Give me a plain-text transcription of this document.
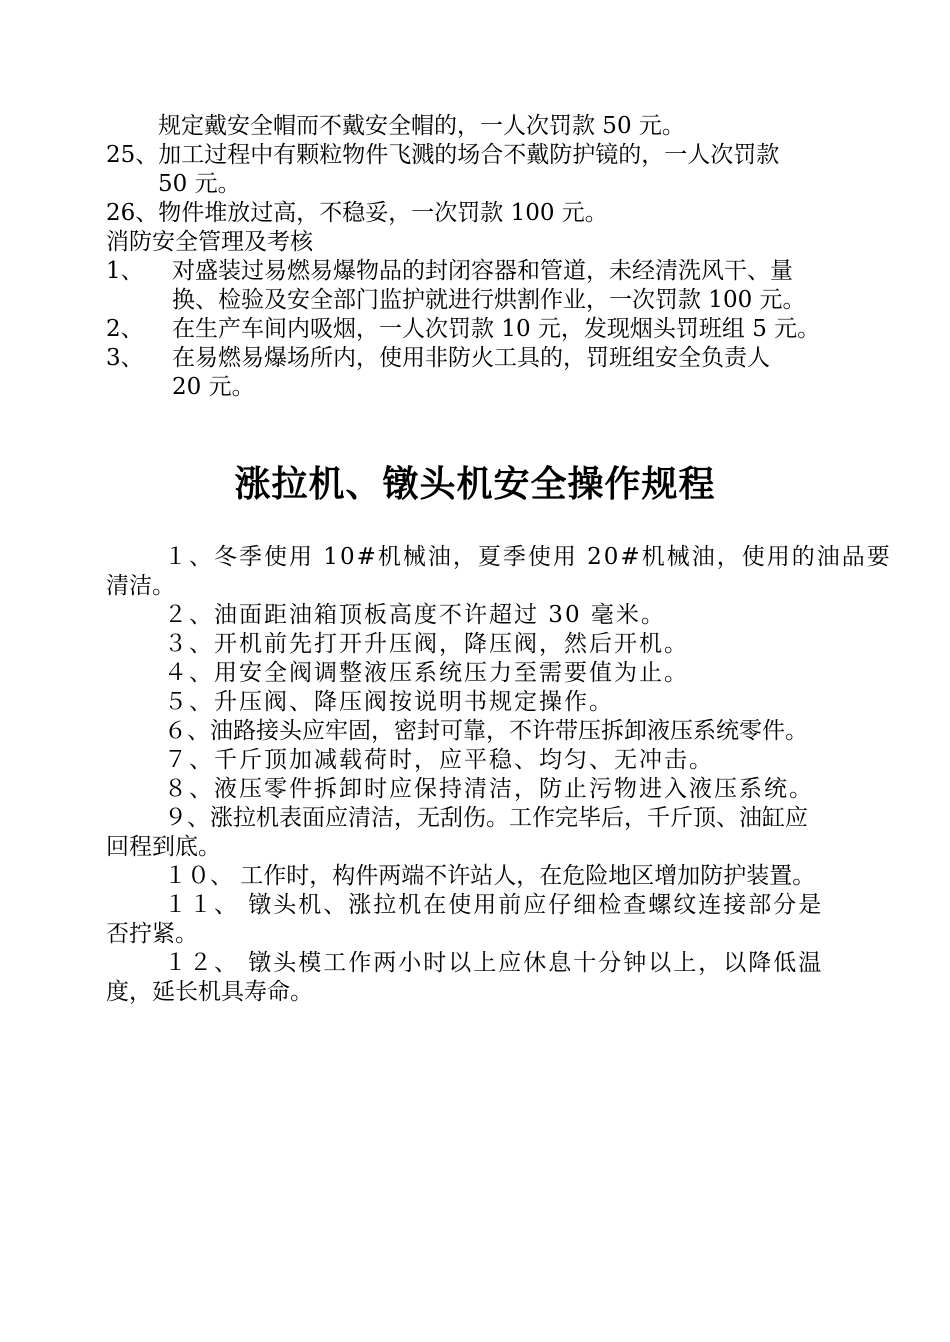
规定戴安全帽而不戴安全帽的，一人次罚款 50 元。
25、加工过程中有颗粒物件飞溅的场合不戴防护镜的，一人次罚款
50 元。
26、物件堆放过高，不稳妥，一次罚款 100 元。
消防安全管理及考核
1、 对盛装过易燃易爆物品的封闭容器和管道，未经清洗风干、量
换、检验及安全部门监护就进行烘割作业，一次罚款 100 元。
2、 在生产车间内吸烟，一人次罚款 10 元，发现烟头罚班组 5 元。
3、 在易燃易爆场所内，使用非防火工具的，罚班组安全负责人
20 元。
涨拉机、镦头机安全操作规程
１、冬季使用 10#机械油，夏季使用 20#机械油，使用的油品要
清洁。
２、油面距油箱顶板高度不许超过 30 毫米。
３、开机前先打开升压阀，降压阀，然后开机。
４、用安全阀调整液压系统压力至需要值为止。
５、升压阀、降压阀按说明书规定操作。
６、油路接头应牢固，密封可靠，不许带压拆卸液压系统零件。
７、千斤顶加减载荷时，应平稳、均匀、无冲击。
８、液压零件拆卸时应保持清洁，防止污物进入液压系统。
９、涨拉机表面应清洁，无刮伤。工作完毕后，千斤顶、油缸应
回程到底。
１０、 工作时，构件两端不许站人，在危险地区增加防护装置。
１１、 镦头机、涨拉机在使用前应仔细检查螺纹连接部分是
否拧紧。
１２、 镦头模工作两小时以上应休息十分钟以上，以降低温
度，延长机具寿命。
